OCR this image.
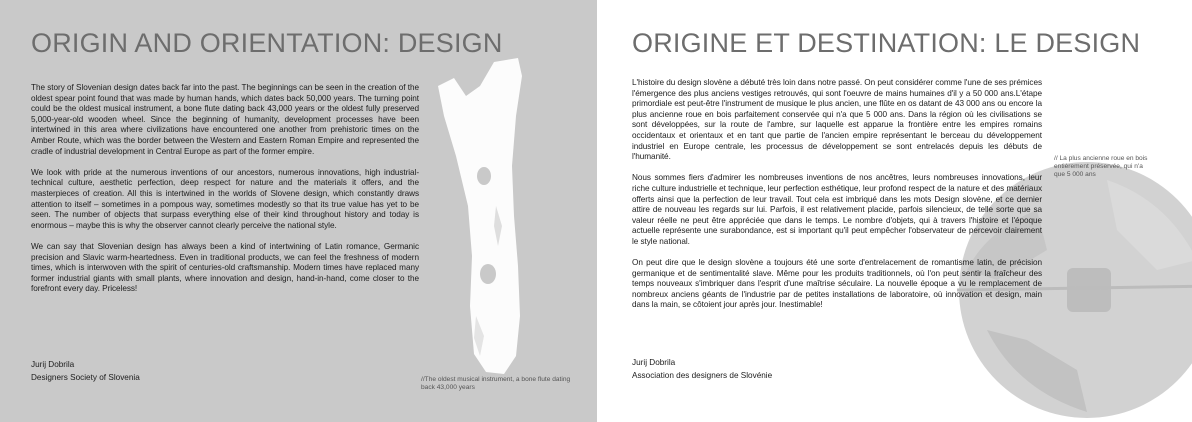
ORIGIN AND ORIENTATION: DESIGN

The story of Slovenian design dates back far into the past. The beginnings can be seen in the creation of the oldest spear point found that was made by human hands, which dates back 50,000 years. The turning point could be the oldest musical instrument, a bone flute dating back 43,000 years or the oldest fully preserved 5,000-year-old wooden wheel. Since the beginning of humanity, development processes have been intertwined in this area where civilizations have encountered one another from prehistoric times on the Amber Route, which was the border between the Western and Eastern Roman Empire and represented the cradle of industrial development in Central Europe as part of the former empire.

We look with pride at the numerous inventions of our ancestors, numerous innovations, high industrial-technical culture, aesthetic perfection, deep respect for nature and the materials it offers, and the masterpieces of creation. All this is intertwined in the worlds of Slovene design, which constantly draws attention to itself – sometimes in a pompous way, sometimes modestly so that its true value has yet to be seen. The number of objects that surpass everything else of their kind throughout history and today is enormous – maybe this is why the observer cannot clearly perceive the national style.

We can say that Slovenian design has always been a kind of intertwining of Latin romance, Germanic precision and Slavic warm-heartedness. Even in traditional products, we can feel the freshness of modern times, which is interwoven with the spirit of centuries-old craftsmanship. Modern times have replaced many former industrial giants with small plants, where innovation and design, hand-in-hand, come closer to the forefront every day. Priceless!

Jurij Dobrila
Designers Society of Slovenia	//The oldest musical instrument, a bone flute dating back 43,000 years
ORIGINE ET DESTINATION: LE DESIGN

L'histoire du design slovène a débuté très loin dans notre passé. On peut considérer comme l'une de ses prémices l'émergence des plus anciens vestiges retrouvés, qui sont l'oeuvre de mains humaines d'il y a 50 000 ans.L'étape primordiale est peut-être l'instrument de musique le plus ancien, une flûte en os datant de 43 000 ans ou encore la plus ancienne roue en bois parfaitement conservée qui n'a que 5 000 ans. Dans la région où les civilisations se sont développées, sur la route de l'ambre, sur laquelle est apparue la frontière entre les empires romains occidentaux et orientaux et en tant que partie de l'ancien empire représentant le berceau du développement industriel en Europe centrale, les processus de développement se sont entrelacés depuis les débuts de l'humanité.

Nous sommes fiers d'admirer les nombreuses inventions de nos ancêtres, leurs nombreuses innovations, leur riche culture industrielle et technique, leur perfection esthétique, leur profond respect de la nature et des matériaux offerts ainsi que la perfection de leur travail. Tout cela est imbriqué dans les mots Design slovène, et ce dernier attire de nouveau les regards sur lui. Parfois, il est relativement placide, parfois silencieux, de telle sorte que sa valeur réelle ne peut être appréciée que dans le temps. Le nombre d'objets, qui à travers l'histoire et l'époque actuelle représente une surabondance, est si important qu'il peut empêcher l'observateur de percevoir clairement le style national.

On peut dire que le design slovène a toujours été une sorte d'entrelacement de romantisme latin, de précision germanique et de sentimentalité slave. Même pour les produits traditionnels, où l'on peut sentir la fraîcheur des temps nouveaux s'imbriquer dans l'esprit d'une maîtrise séculaire. La nouvelle époque a vu le remplacement de nombreux anciens géants de l'industrie par de petites installations de laboratoire, où innovation et design, main dans la main, se côtoient jour après jour. Inestimable!

Jurij Dobrila
Association des designers de Slovénie
// La plus ancienne roue en bois entièrement préservée, qui n'a que 5 000 ans
